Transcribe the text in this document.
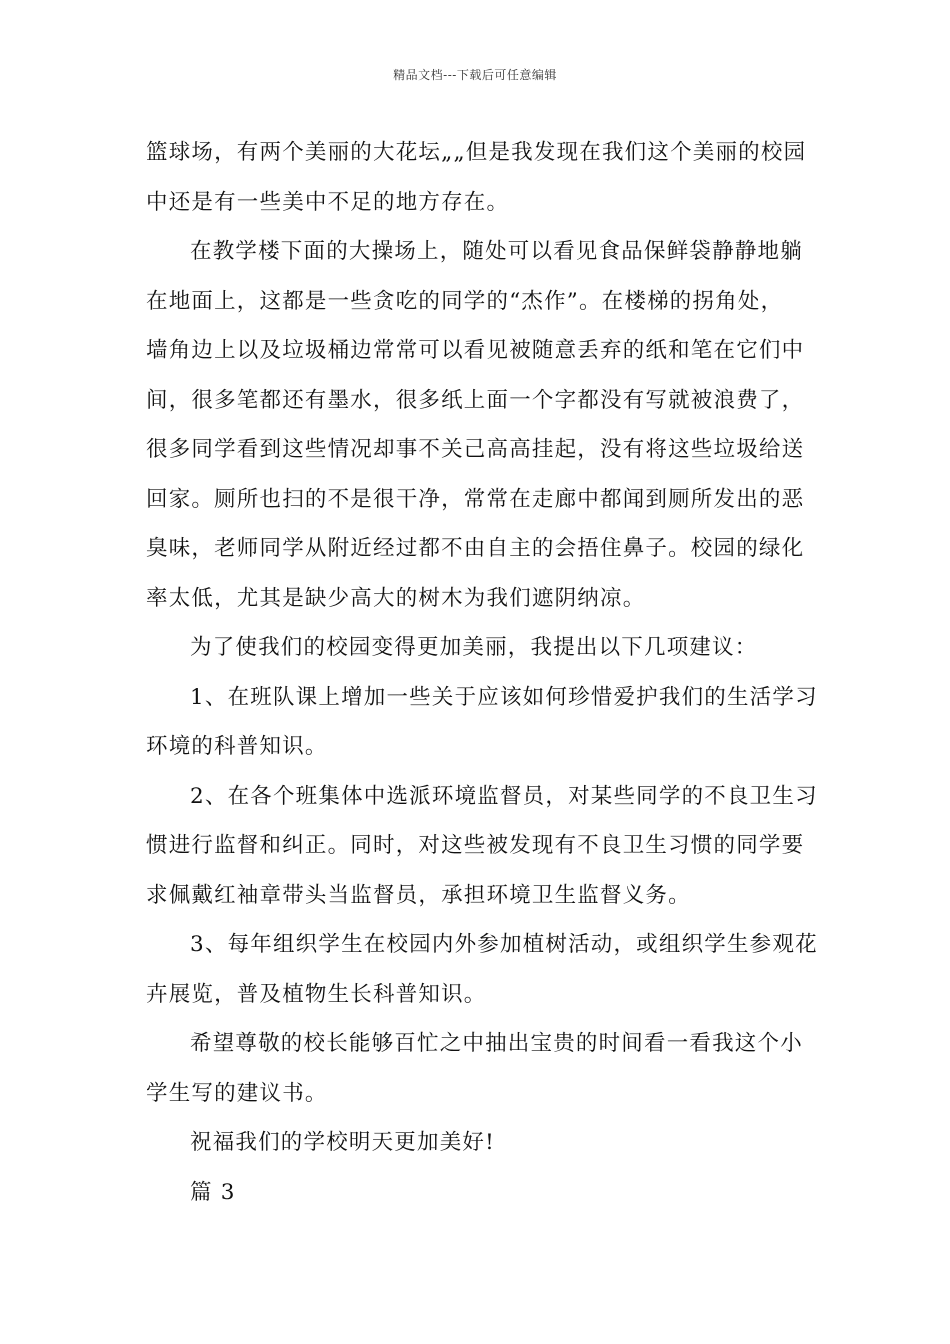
精品文档---下载后可任意编辑
篮球场，有两个美丽的大花坛„„但是我发现在我们这个美丽的校园
中还是有一些美中不足的地方存在。
在教学楼下面的大操场上，随处可以看见食品保鲜袋静静地躺
在地面上，这都是一些贪吃的同学的“杰作”。在楼梯的拐角处，
墙角边上以及垃圾桶边常常可以看见被随意丢弃的纸和笔在它们中
间，很多笔都还有墨水，很多纸上面一个字都没有写就被浪费了，
很多同学看到这些情况却事不关己高高挂起，没有将这些垃圾给送
回家。厕所也扫的不是很干净，常常在走廊中都闻到厕所发出的恶
臭味，老师同学从附近经过都不由自主的会捂住鼻子。校园的绿化
率太低，尤其是缺少高大的树木为我们遮阴纳凉。
为了使我们的校园变得更加美丽，我提出以下几项建议：
1、在班队课上增加一些关于应该如何珍惜爱护我们的生活学习
环境的科普知识。
2、在各个班集体中选派环境监督员，对某些同学的不良卫生习
惯进行监督和纠正。同时，对这些被发现有不良卫生习惯的同学要
求佩戴红袖章带头当监督员，承担环境卫生监督义务。
3、每年组织学生在校园内外参加植树活动，或组织学生参观花
卉展览，普及植物生长科普知识。
希望尊敬的校长能够百忙之中抽出宝贵的时间看一看我这个小
学生写的建议书。
祝福我们的学校明天更加美好!
篇 3
